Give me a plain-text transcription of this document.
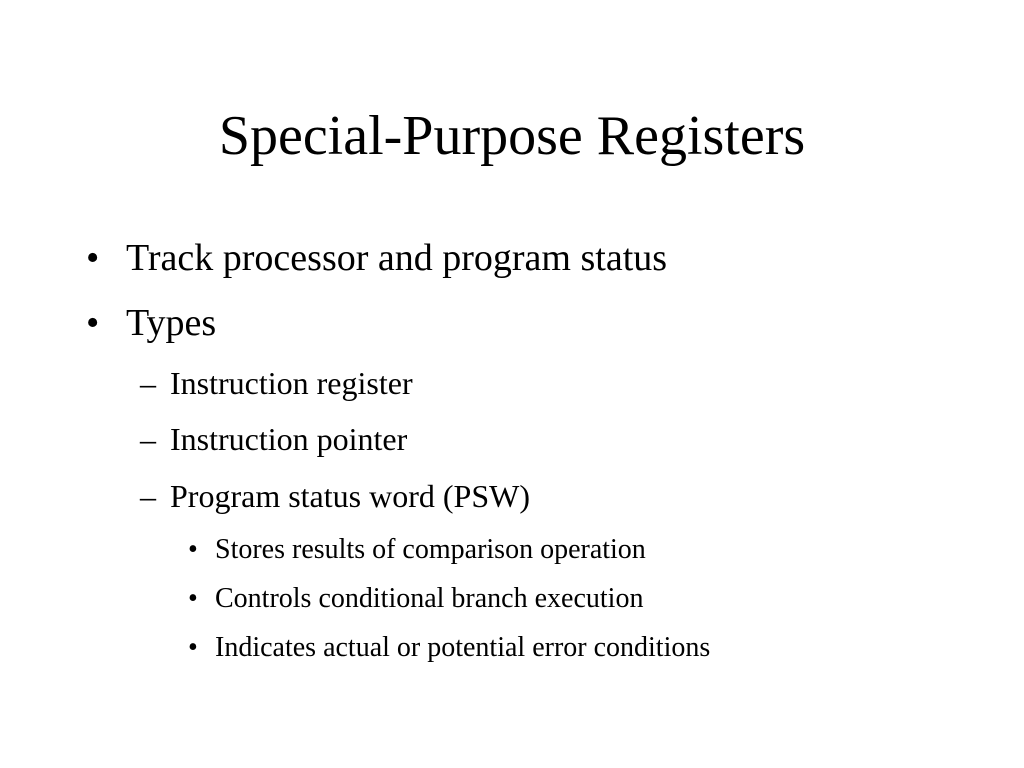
Special-Purpose Registers
• Track processor and program status
• Types
– Instruction register
– Instruction pointer
– Program status word (PSW)
• Stores results of comparison operation
• Controls conditional branch execution
• Indicates actual or potential error conditions
